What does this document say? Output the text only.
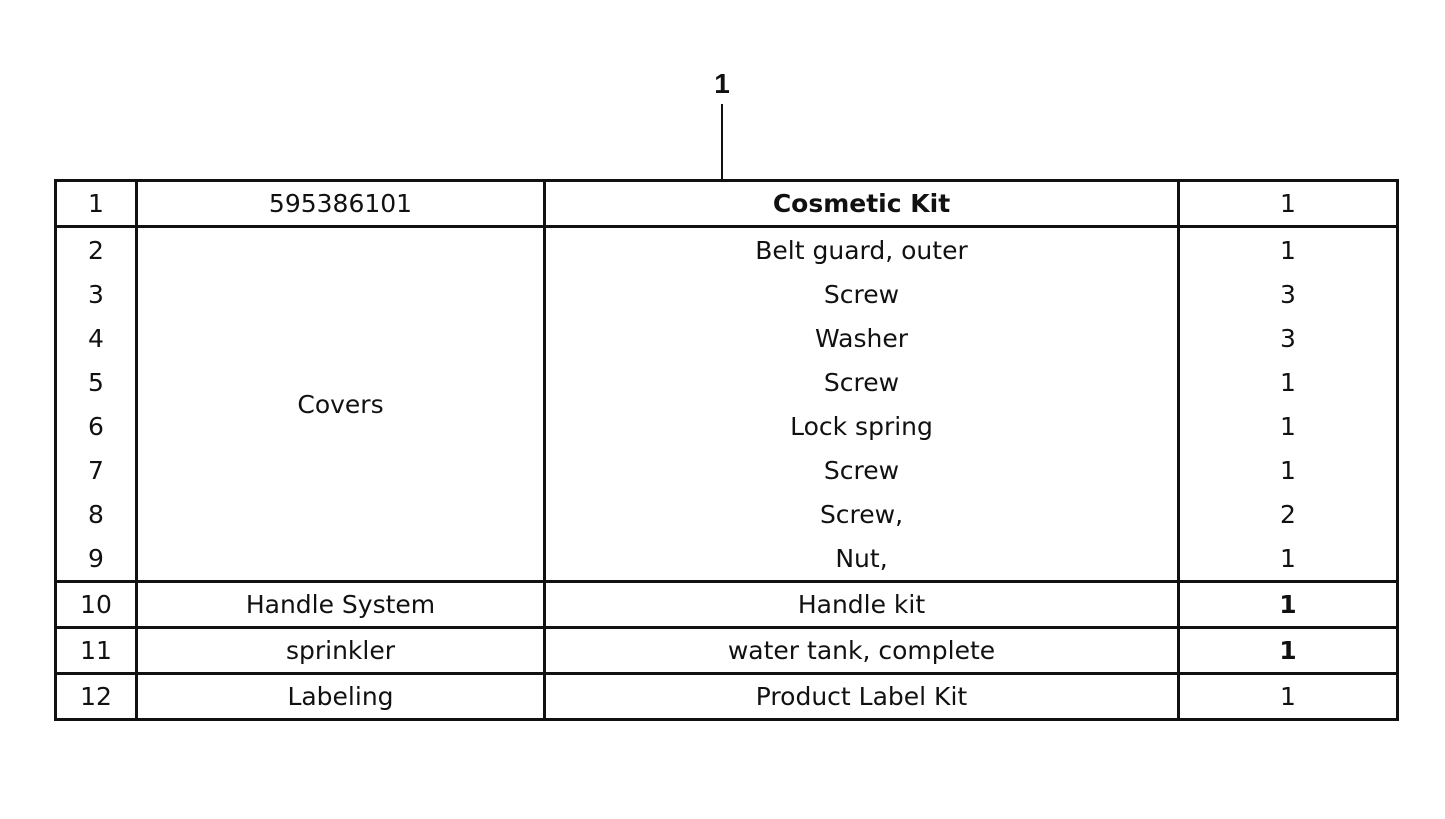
1
1	595386101	Cosmetic Kit	1
2	Covers	Belt guard, outer	1
3		Screw	3
4		Washer	3
5		Screw	1
6		Lock spring	1
7		Screw	1
8		Screw,	2
9		Nut,	1
10	Handle System	Handle kit	1
11	sprinkler	water tank, complete	1
12	Labeling	Product Label Kit	1
